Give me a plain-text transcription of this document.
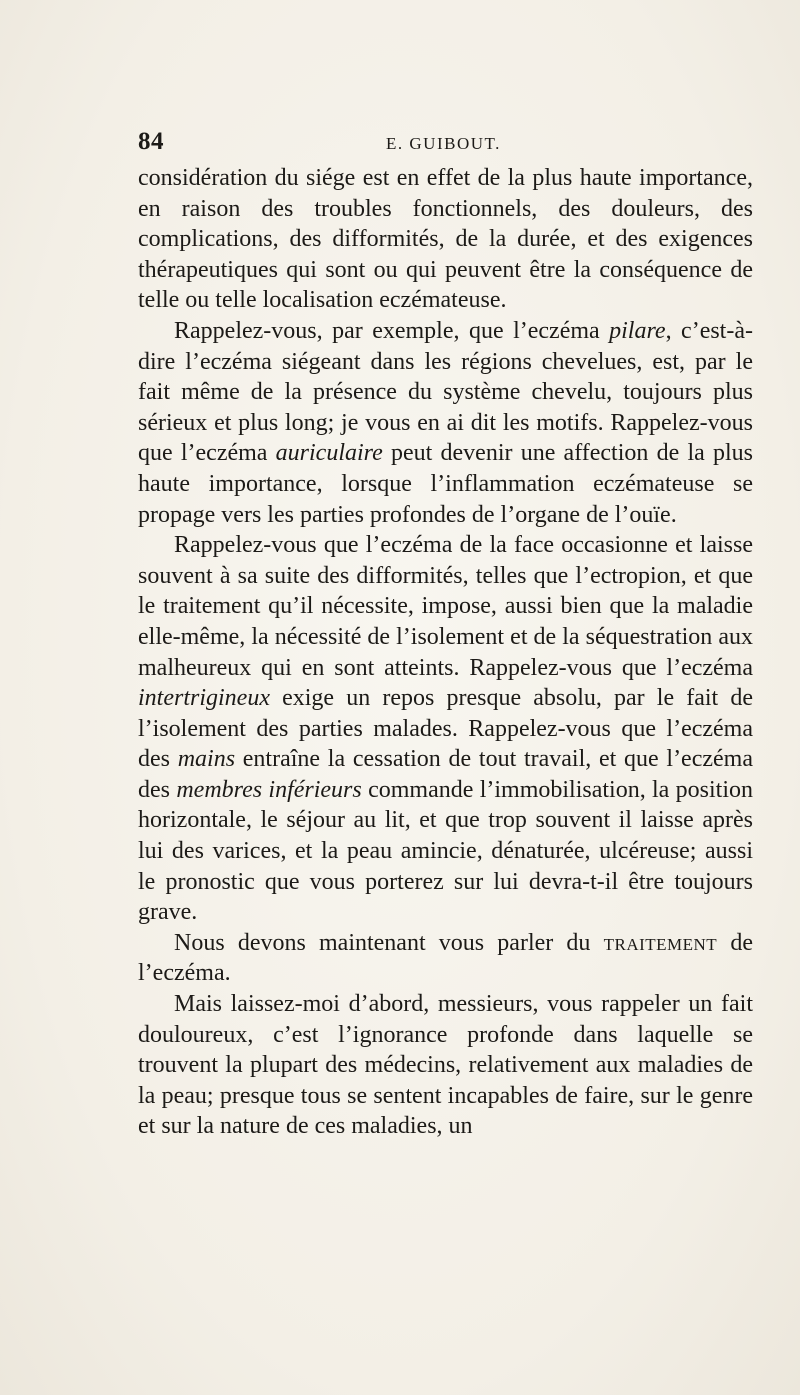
84	E. GUIBOUT.

considération du siége est en effet de la plus haute importance, en raison des troubles fonctionnels, des douleurs, des complications, des difformités, de la durée, et des exigences thérapeutiques qui sont ou qui peuvent être la conséquence de telle ou telle localisation eczémateuse.

Rappelez-vous, par exemple, que l’eczéma pilare, c’est-à-dire l’eczéma siégeant dans les régions chevelues, est, par le fait même de la présence du système chevelu, toujours plus sérieux et plus long; je vous en ai dit les motifs. Rappelez-vous que l’eczéma auriculaire peut devenir une affection de la plus haute importance, lorsque l’inflammation eczémateuse se propage vers les parties profondes de l’organe de l’ouïe.

Rappelez-vous que l’eczéma de la face occasionne et laisse souvent à sa suite des difformités, telles que l’ectropion, et que le traitement qu’il nécessite, impose, aussi bien que la maladie elle-même, la nécessité de l’isolement et de la séquestration aux malheureux qui en sont atteints. Rappelez-vous que l’eczéma intertrigineux exige un repos presque absolu, par le fait de l’isolement des parties malades. Rappelez-vous que l’eczéma des mains entraîne la cessation de tout travail, et que l’eczéma des membres inférieurs commande l’immobilisation, la position horizontale, le séjour au lit, et que trop souvent il laisse après lui des varices, et la peau amincie, dénaturée, ulcéreuse; aussi le pronostic que vous porterez sur lui devra-t-il être toujours grave.

Nous devons maintenant vous parler du traitement de l’eczéma.

Mais laissez-moi d’abord, messieurs, vous rappeler un fait douloureux, c’est l’ignorance profonde dans laquelle se trouvent la plupart des médecins, relativement aux maladies de la peau; presque tous se sentent incapables de faire, sur le genre et sur la nature de ces maladies, un
